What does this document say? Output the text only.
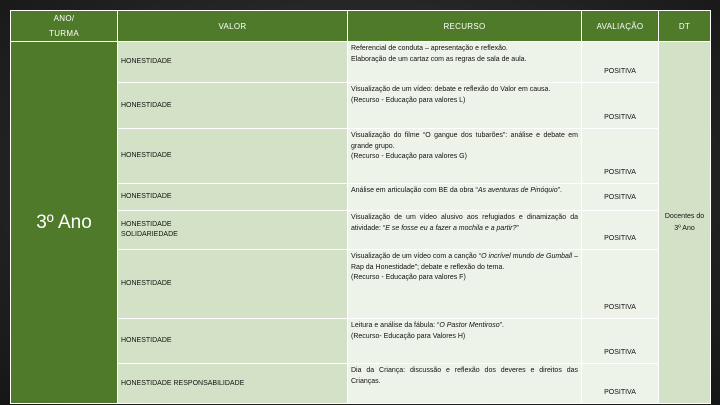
ANO/
TURMA	VALOR	RECURSO	AVALIAÇÃO	DT
3º Ano	HONESTIDADE	Referencial de conduta – apresentação e reflexão.
Elaboração de um cartaz com as regras de sala de aula.	POSITIVA	Docentes do
3º Ano
	HONESTIDADE	Visualização de um vídeo: debate e reflexão do Valor em causa.
(Recurso - Educação para valores L)	POSITIVA	
	HONESTIDADE	Visualização do filme “O gangue dos tubarões”: análise e debate em grande grupo.
(Recurso - Educação para valores G)	POSITIVA	
	HONESTIDADE	Análise em articulação com BE da obra “As aventuras de Pinóquio”.	POSITIVA	
	HONESTIDADE
SOLIDARIEDADE	Visualização de um vídeo alusivo aos refugiados e dinamização da atividade: “E se fosse eu a fazer a mochila e a partir?”	POSITIVA	
	HONESTIDADE	Visualização de um vídeo com a canção “O incrível mundo de Gumball – Rap da Honestidade”; debate e reflexão do tema.
(Recurso - Educação para valores F)	POSITIVA	
	HONESTIDADE	Leitura e análise da fábula: “O Pastor Mentiroso”.
(Recurso- Educação para Valores H)	POSITIVA	
	HONESTIDADE RESPONSABILIDADE	Dia da Criança: discussão e reflexão dos deveres e direitos das Crianças.	POSITIVA	
